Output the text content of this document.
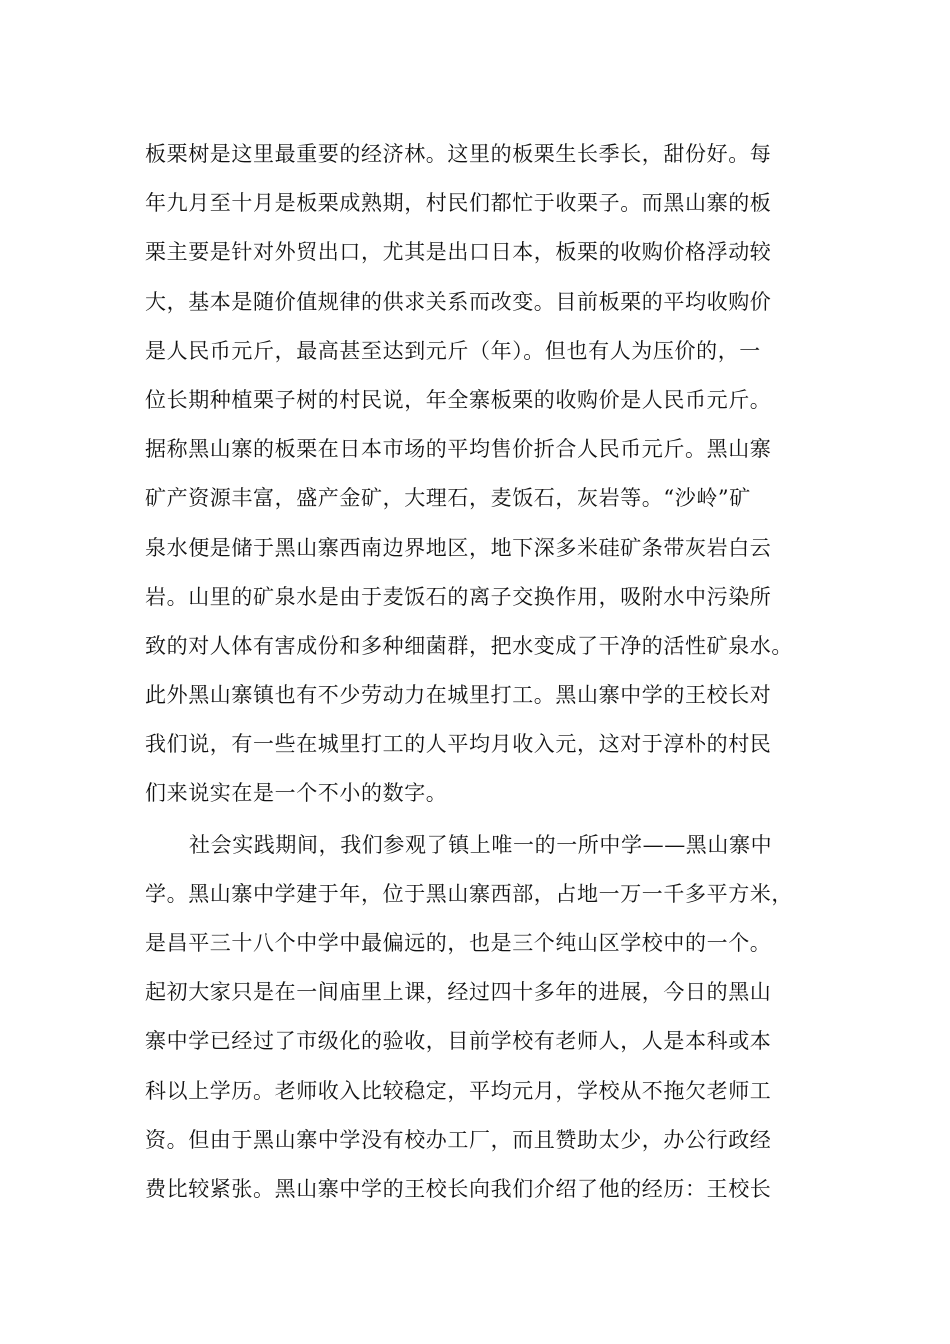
板栗树是这里最重要的经济林。这里的板栗生长季长，甜份好。每
年九月至十月是板栗成熟期，村民们都忙于收栗子。而黑山寨的板
栗主要是针对外贸出口，尤其是出口日本，板栗的收购价格浮动较
大，基本是随价值规律的供求关系而改变。目前板栗的平均收购价
是人民币元斤，最高甚至达到元斤（年）。但也有人为压价的，一
位长期种植栗子树的村民说，年全寨板栗的收购价是人民币元斤。
据称黑山寨的板栗在日本市场的平均售价折合人民币元斤。黑山寨
矿产资源丰富，盛产金矿，大理石，麦饭石，灰岩等。“沙岭”矿
泉水便是储于黑山寨西南边界地区，地下深多米硅矿条带灰岩白云
岩。山里的矿泉水是由于麦饭石的离子交换作用，吸附水中污染所
致的对人体有害成份和多种细菌群，把水变成了干净的活性矿泉水。
此外黑山寨镇也有不少劳动力在城里打工。黑山寨中学的王校长对
我们说，有一些在城里打工的人平均月收入元，这对于淳朴的村民
们来说实在是一个不小的数字。
社会实践期间，我们参观了镇上唯一的一所中学——黑山寨中
学。黑山寨中学建于年，位于黑山寨西部，占地一万一千多平方米，
是昌平三十八个中学中最偏远的，也是三个纯山区学校中的一个。
起初大家只是在一间庙里上课，经过四十多年的进展，今日的黑山
寨中学已经过了市级化的验收，目前学校有老师人，人是本科或本
科以上学历。老师收入比较稳定，平均元月，学校从不拖欠老师工
资。但由于黑山寨中学没有校办工厂，而且赞助太少，办公行政经
费比较紧张。黑山寨中学的王校长向我们介绍了他的经历：王校长
